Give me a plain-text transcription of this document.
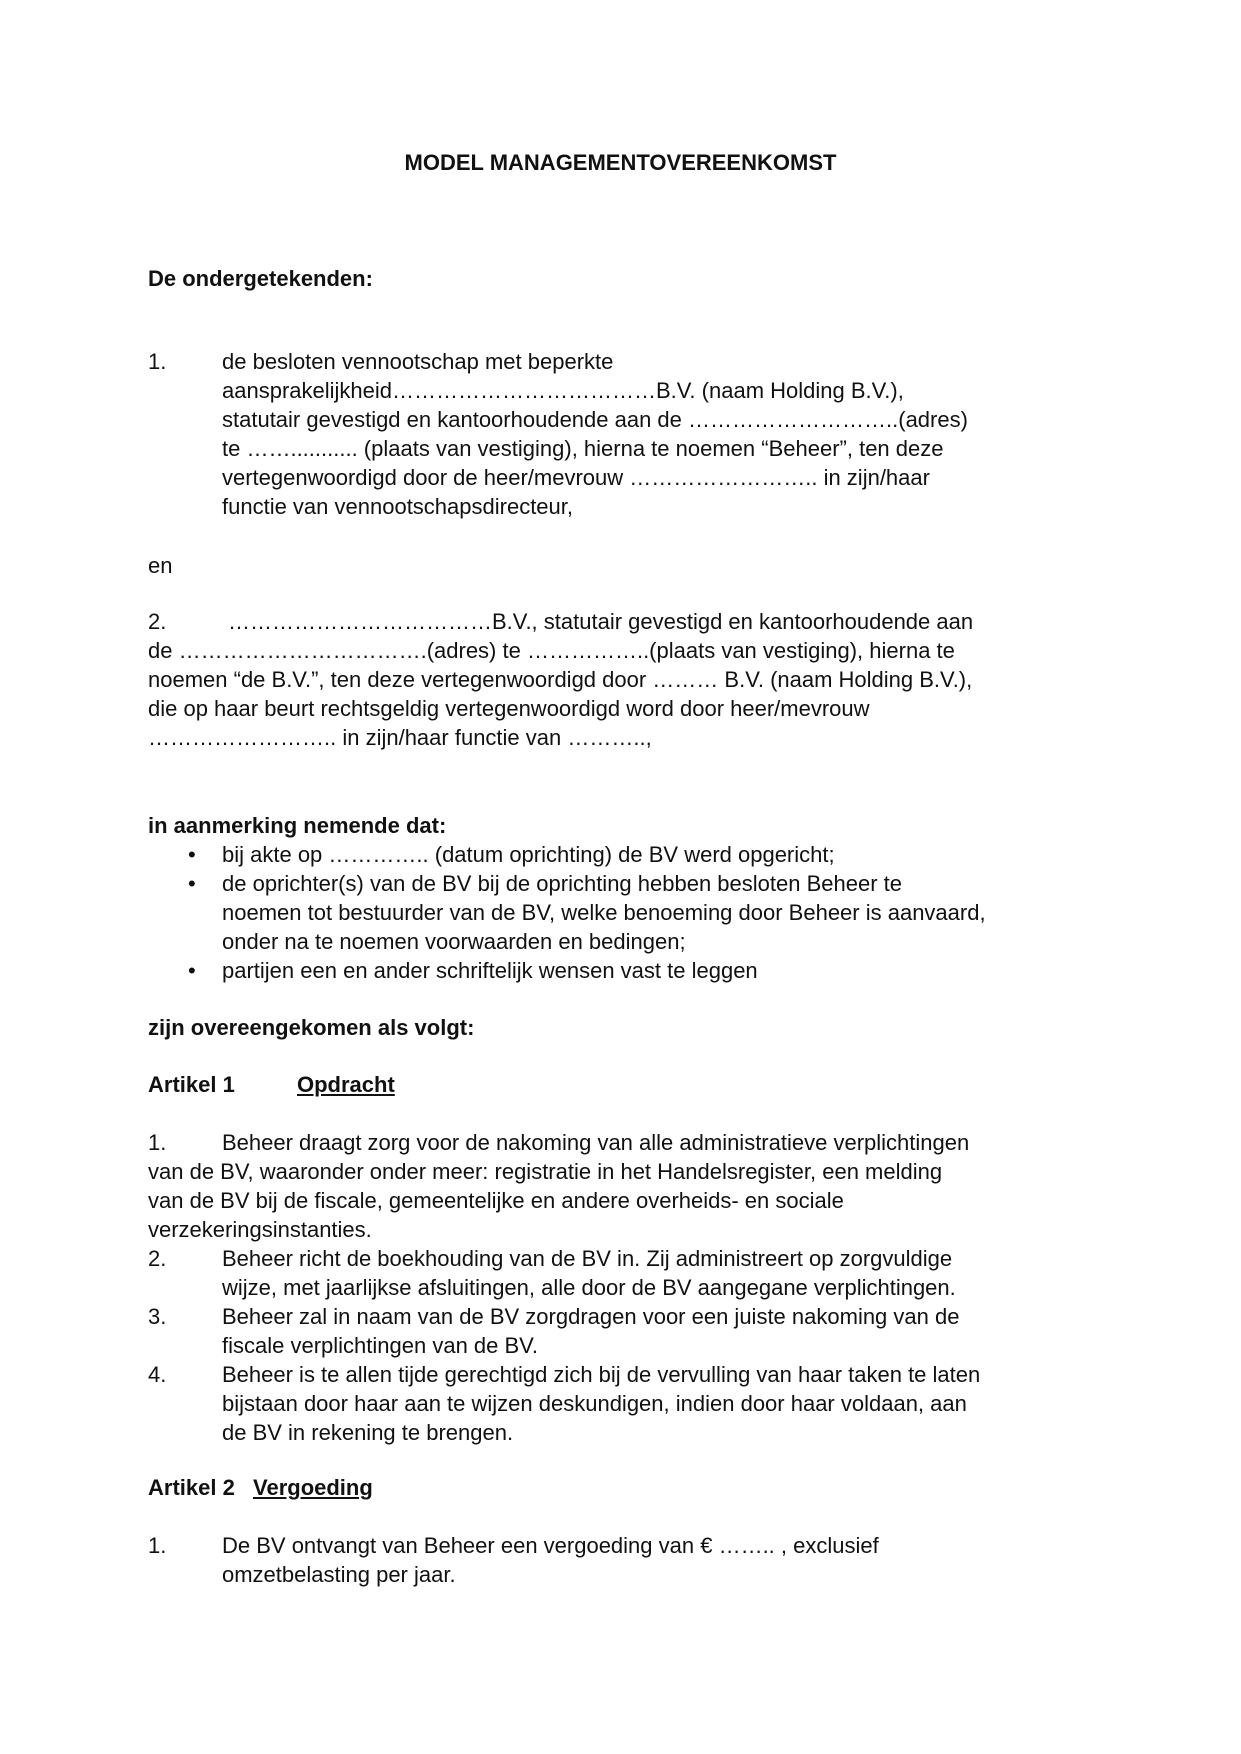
MODEL MANAGEMENTOVEREENKOMST
De ondergetekenden:
1.	de besloten vennootschap met beperkte
aansprakelijkheid………………………………B.V. (naam Holding B.V.),
statutair gevestigd en kantoorhoudende aan de ………………………..(adres)
te ……........... (plaats van vestiging), hierna te noemen “Beheer”, ten deze
vertegenwoordigd door de heer/mevrouw …………………….. in zijn/haar
functie van vennootschapsdirecteur,
en
2.	………………………………B.V., statutair gevestigd en kantoorhoudende aan
de …………………………….(adres) te ……………..(plaats van vestiging), hierna te
noemen “de B.V.”, ten deze vertegenwoordigd door ……… B.V. (naam Holding B.V.),
die op haar beurt rechtsgeldig vertegenwoordigd word door heer/mevrouw
…………………….. in zijn/haar functie van ………..,
in aanmerking nemende dat:
• bij akte op ………….. (datum oprichting) de BV werd opgericht;
• de oprichter(s) van de BV bij de oprichting hebben besloten Beheer te
noemen tot bestuurder van de BV, welke benoeming door Beheer is aanvaard,
onder na te noemen voorwaarden en bedingen;
• partijen een en ander schriftelijk wensen vast te leggen
zijn overeengekomen als volgt:
Artikel 1	Opdracht
1.	Beheer draagt zorg voor de nakoming van alle administratieve verplichtingen
van de BV, waaronder onder meer: registratie in het Handelsregister, een melding
van de BV bij de fiscale, gemeentelijke en andere overheids- en sociale
verzekeringsinstanties.
2.	Beheer richt de boekhouding van de BV in. Zij administreert op zorgvuldige
wijze, met jaarlijkse afsluitingen, alle door de BV aangegane verplichtingen.
3.	Beheer zal in naam van de BV zorgdragen voor een juiste nakoming van de
fiscale verplichtingen van de BV.
4.	Beheer is te allen tijde gerechtigd zich bij de vervulling van haar taken te laten
bijstaan door haar aan te wijzen deskundigen, indien door haar voldaan, aan
de BV in rekening te brengen.
Artikel 2 Vergoeding
1.	De BV ontvangt van Beheer een vergoeding van € …….. , exclusief
omzetbelasting per jaar.
